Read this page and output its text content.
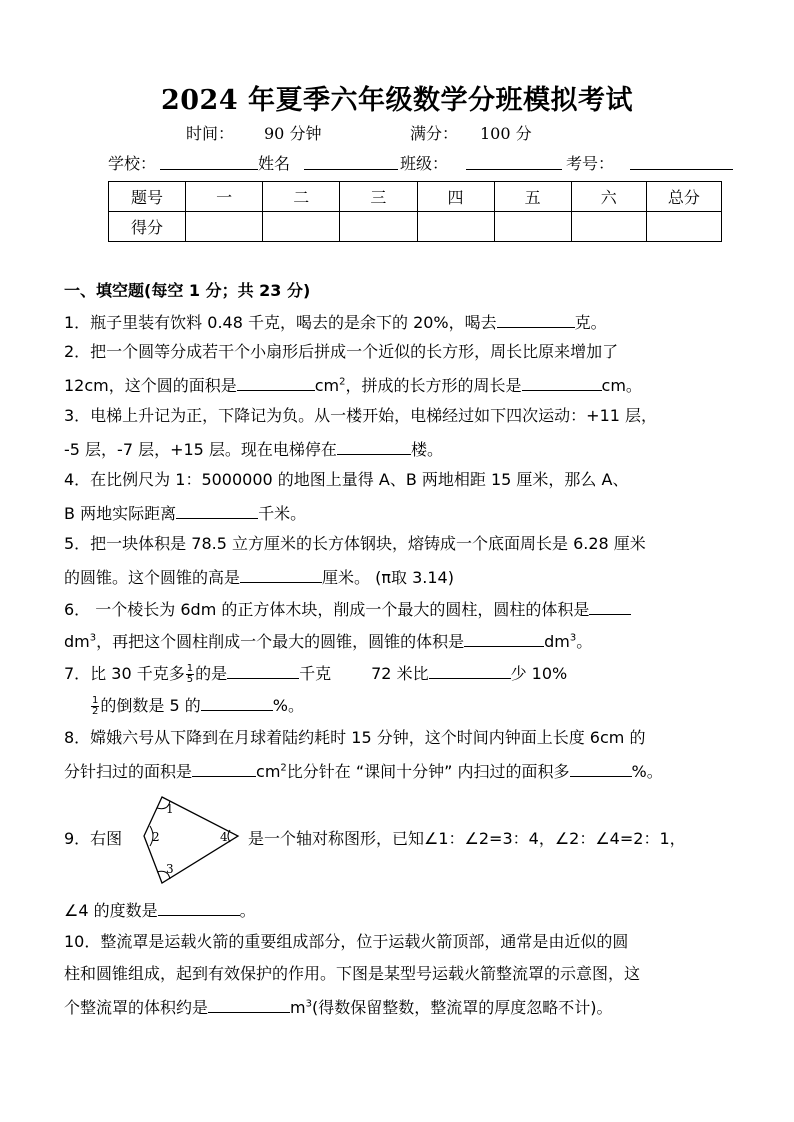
2024 年夏季六年级数学分班模拟考试
时间： 90 分钟	满分： 100 分
学校：	姓名	班级：	考号：
题号	一	二	三	四	五	六	总分
得分							
一、填空题(每空 1 分；共 23 分)
1．瓶子里装有饮料 0.48 千克，喝去的是余下的 20%，喝去	克。
2．把一个圆等分成若干个小扇形后拼成一个近似的长方形，周长比原来增加了
12cm，这个圆的面积是	$cm^2$，拼成的长方形的周长是	cm。
3．电梯上升记为正，下降记为负。从一楼开始，电梯经过如下四次运动：+11 层，
-5 层，-7 层，+15 层。现在电梯停在	楼。
4．在比例尺为 1：5000000 的地图上量得 A、B 两地相距 15 厘米，那么 A、
B 两地实际距离	千米。
5．把一块体积是 78.5 立方厘米的长方体钢块，熔铸成一个底面周长是 6.28 厘米
的圆锥。这个圆锥的高是	厘米。 (π取 3.14)
6． 一个棱长为 6dm 的正方体木块，削成一个最大的圆柱，圆柱的体积是
$dm^3$，再把这个圆柱削成一个最大的圆锥，圆锥的体积是	$dm^3$。
7．比 30 千克多 $\frac{1}{5}$ 的是	千克	72 米比	少 10%
$\frac{1}{2}$ 的倒数是 5 的	%。
8．嫦娥六号从下降到在月球着陆约耗时 15 分钟，这个时间内钟面上长度 6cm 的
分针扫过的面积是	$cm^2$比分针在 “课间十分钟” 内扫过的面积多	%。
9．右图
1
2
3
4 是一个轴对称图形，已知∠1：∠2=3：4，∠2：∠4=2：1，
∠4 的度数是	。
10．整流罩是运载火箭的重要组成部分，位于运载火箭顶部，通常是由近似的圆
柱和圆锥组成，起到有效保护的作用。下图是某型号运载火箭整流罩的示意图，这
个整流罩的体积约是	$m^3$(得数保留整数，整流罩的厚度忽略不计)。
